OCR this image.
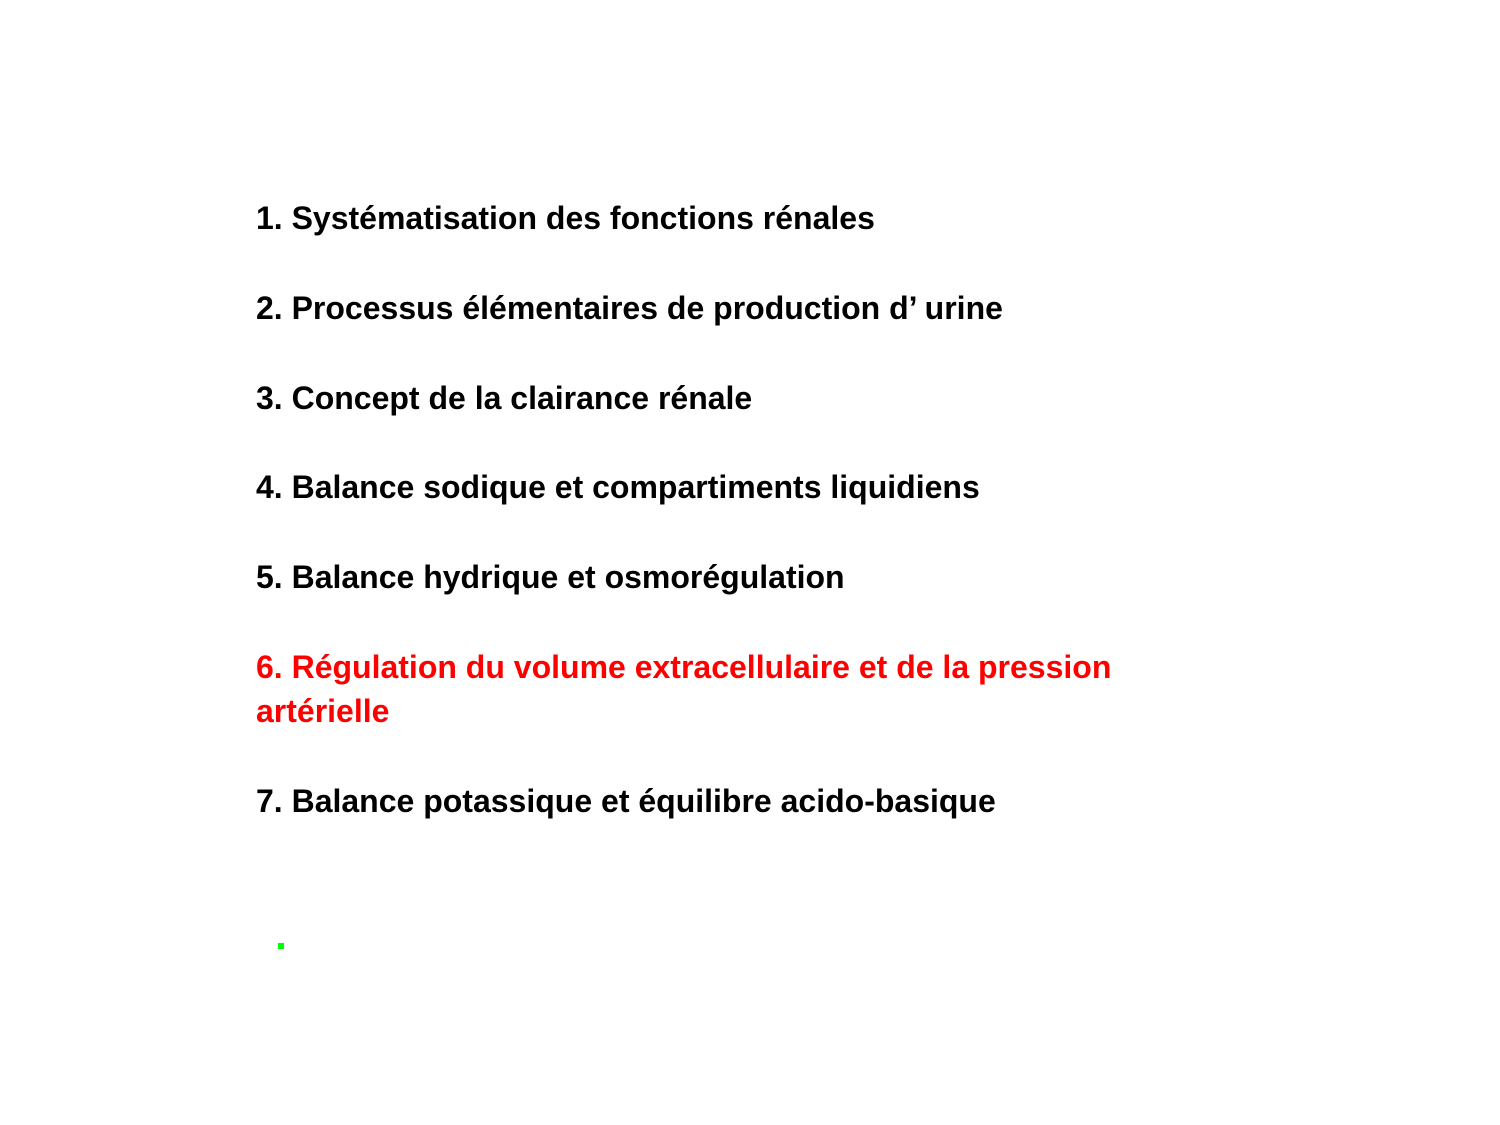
1. Systématisation des fonctions rénales

2. Processus élémentaires de production d’ urine

3. Concept de la clairance rénale

4. Balance sodique et compartiments liquidiens

5. Balance hydrique et osmorégulation

6. Régulation du volume extracellulaire et de la pression

artérielle

7. Balance potassique et équilibre acido-basique
